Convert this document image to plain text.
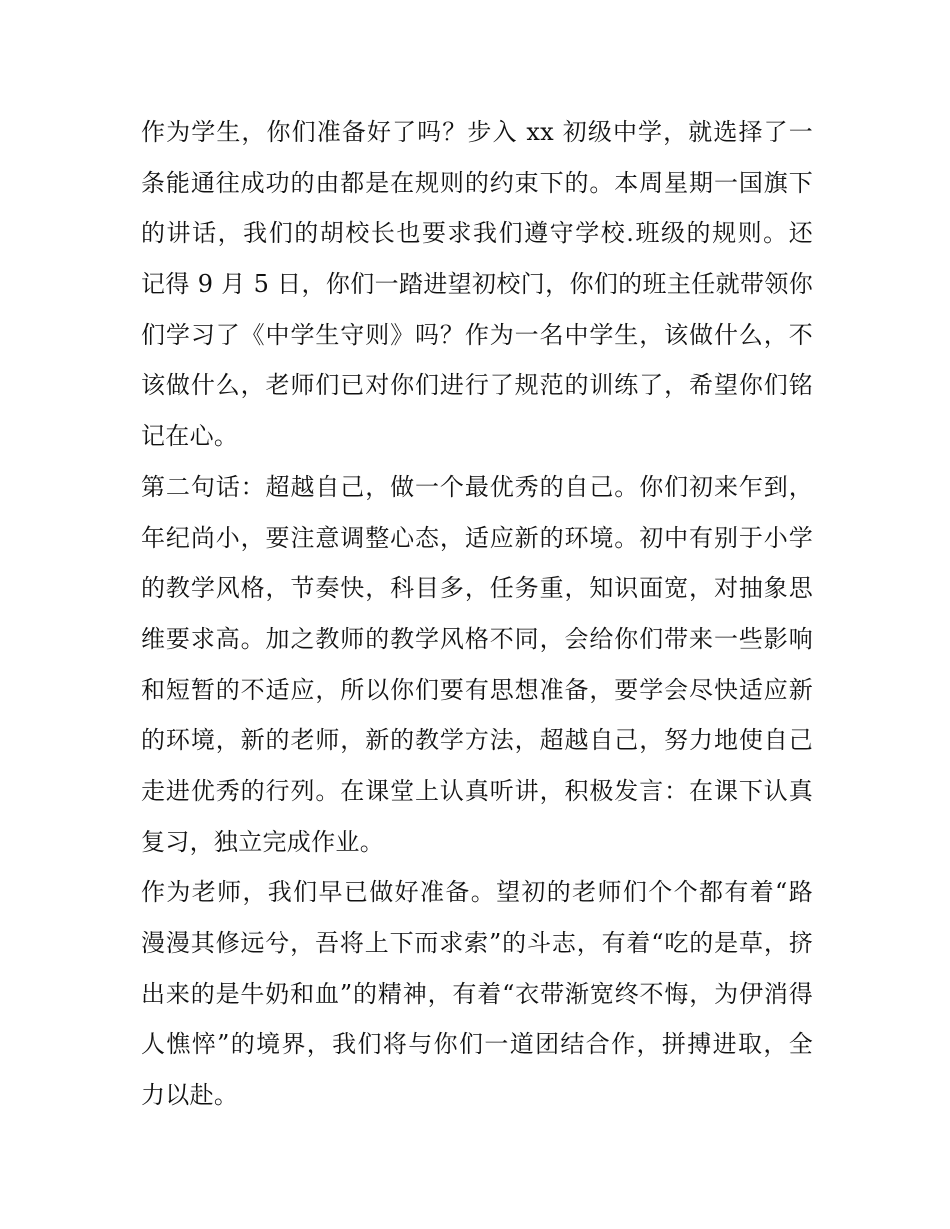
作为学生，你们准备好了吗？步入 xx 初级中学，就选择了一
条能通往成功的由都是在规则的约束下的。本周星期一国旗下
的讲话，我们的胡校长也要求我们遵守学校.班级的规则。还
记得 9 月 5 日，你们一踏进望初校门，你们的班主任就带领你
们学习了《中学生守则》吗？作为一名中学生，该做什么，不
该做什么，老师们已对你们进行了规范的训练了，希望你们铭
记在心。
第二句话：超越自己，做一个最优秀的自己。你们初来乍到，
年纪尚小，要注意调整心态，适应新的环境。初中有别于小学
的教学风格，节奏快，科目多，任务重，知识面宽，对抽象思
维要求高。加之教师的教学风格不同，会给你们带来一些影响
和短暂的不适应，所以你们要有思想准备，要学会尽快适应新
的环境，新的老师，新的教学方法，超越自己，努力地使自己
走进优秀的行列。在课堂上认真听讲，积极发言：在课下认真
复习，独立完成作业。
作为老师，我们早已做好准备。望初的老师们个个都有着“路
漫漫其修远兮，吾将上下而求索”的斗志，有着“吃的是草，挤
出来的是牛奶和血”的精神，有着“衣带渐宽终不悔，为伊消得
人憔悴”的境界，我们将与你们一道团结合作，拼搏进取，全
力以赴。
